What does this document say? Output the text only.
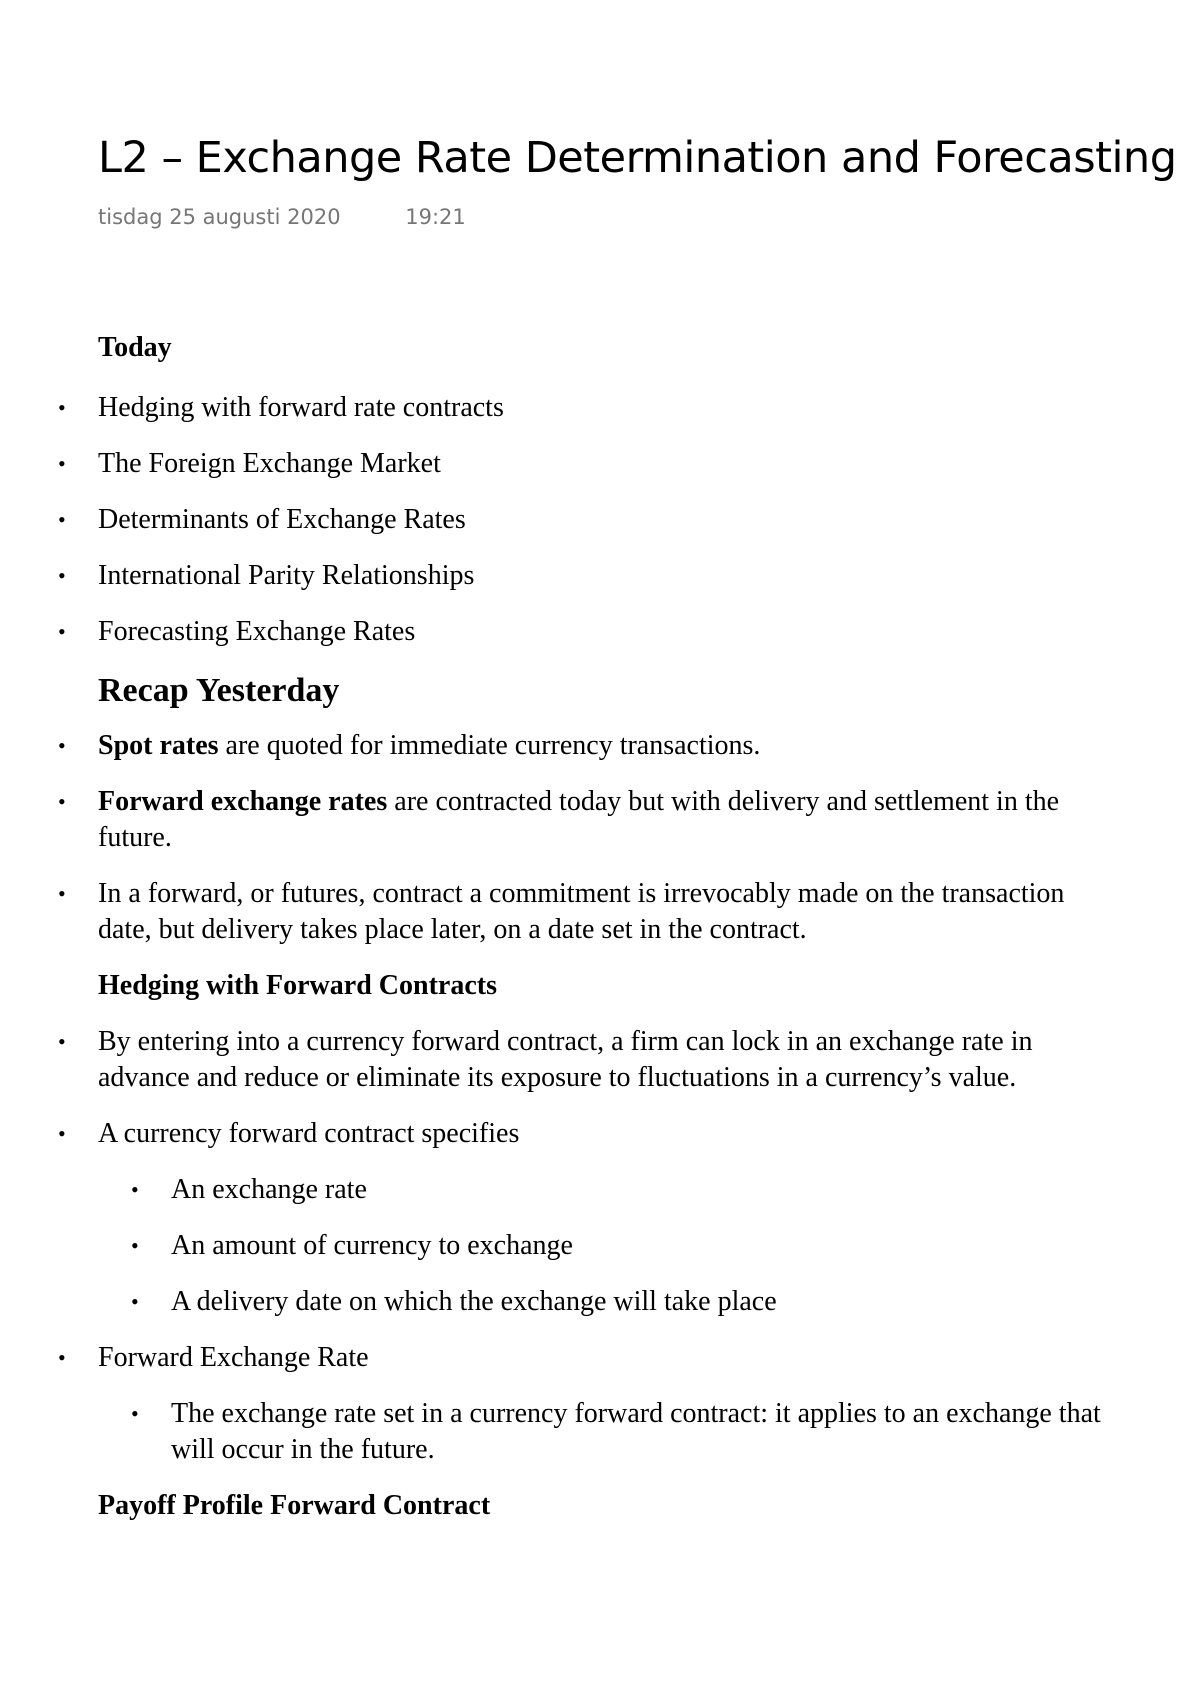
L2 – Exchange Rate Determination and Forecasting
tisdag 25 augusti 2020	19:21
Today
• Hedging with forward rate contracts
• The Foreign Exchange Market
• Determinants of Exchange Rates
• International Parity Relationships
• Forecasting Exchange Rates
Recap Yesterday
• Spot rates are quoted for immediate currency transactions.
• Forward exchange rates are contracted today but with delivery and settlement in the future.
• In a forward, or futures, contract a commitment is irrevocably made on the transaction date, but delivery takes place later, on a date set in the contract.
Hedging with Forward Contracts
• By entering into a currency forward contract, a firm can lock in an exchange rate in advance and reduce or eliminate its exposure to fluctuations in a currency’s value.
• A currency forward contract specifies
• An exchange rate
• An amount of currency to exchange
• A delivery date on which the exchange will take place
• Forward Exchange Rate
• The exchange rate set in a currency forward contract: it applies to an exchange that will occur in the future.
Payoff Profile Forward Contract
